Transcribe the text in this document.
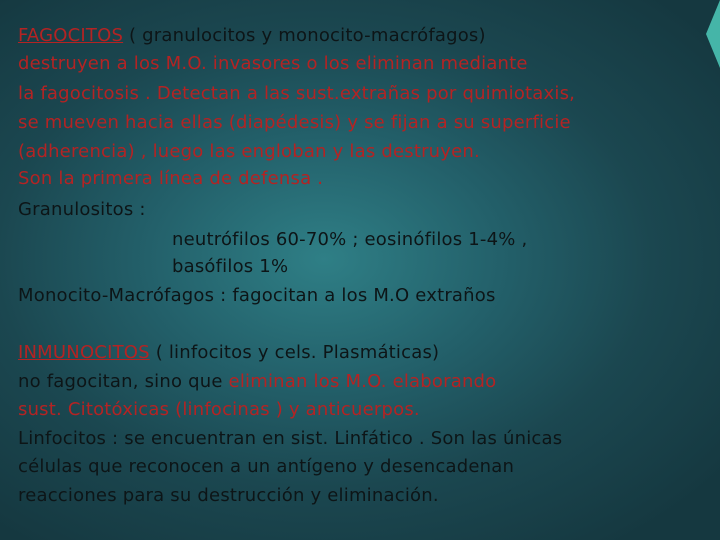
FAGOCITOS ( granulocitos y monocito-macrófagos)
destruyen a los M.O. invasores o los eliminan mediante
la fagocitosis . Detectan a las sust.extrañas por quimiotaxis,
se mueven hacia ellas (diapédesis) y se fijan a su superficie
(adherencia) , luego las engloban y las destruyen.
Son la primera línea de defensa .
Granulositos :
neutrófilos 60-70% ; eosinófilos 1-4% ,
basófilos 1%
Monocito-Macrófagos : fagocitan a los M.O extraños
INMUNOCITOS ( linfocitos y cels. Plasmáticas)
no fagocitan, sino que eliminan los M.O. elaborando
sust. Citotóxicas (linfocinas ) y anticuerpos.
Linfocitos : se encuentran en sist. Linfático . Son las únicas
células que reconocen a un antígeno y desencadenan
reacciones para su destrucción y eliminación.
